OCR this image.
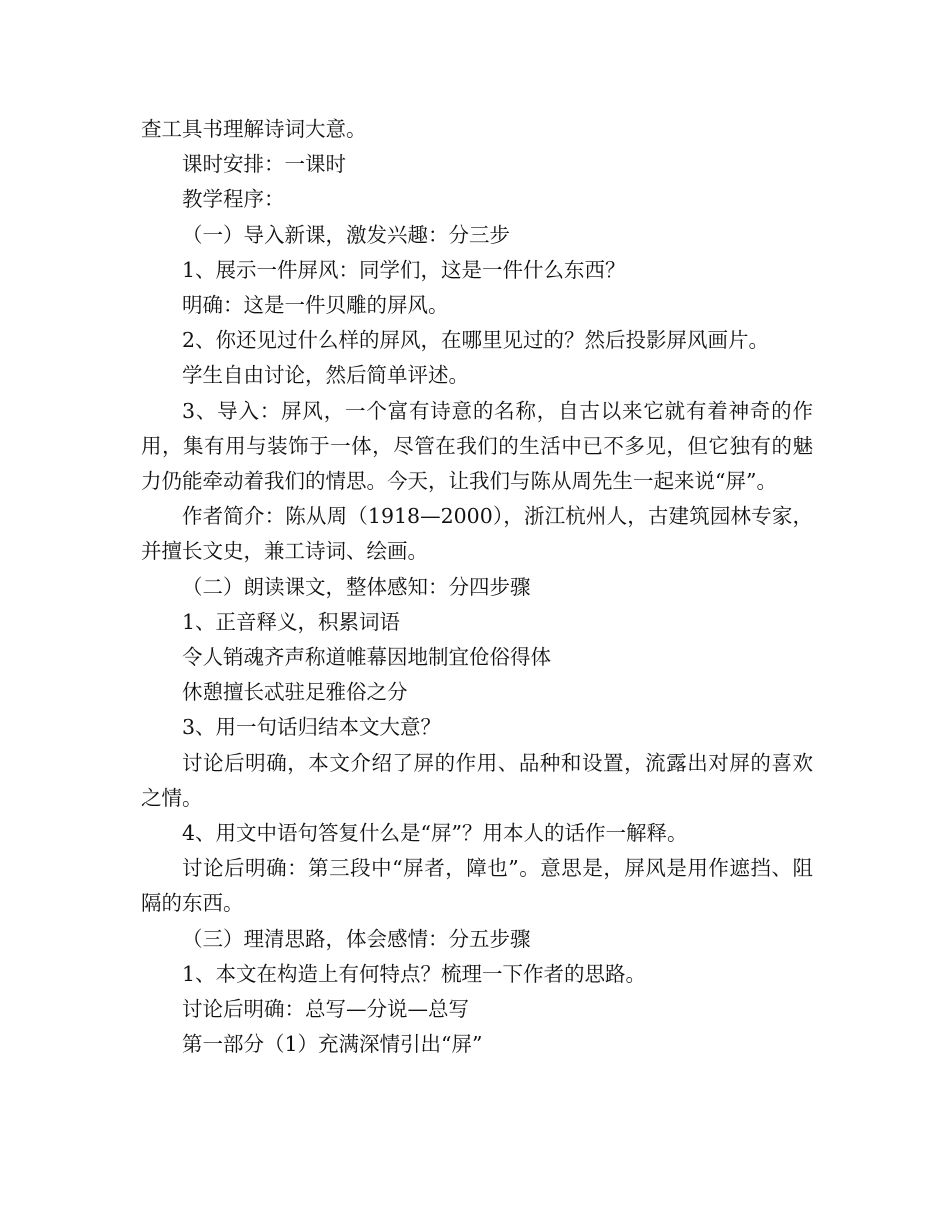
查工具书理解诗词大意。

课时安排：一课时

教学程序：

（一）导入新课，激发兴趣：分三步

1、展示一件屏风：同学们，这是一件什么东西？

明确：这是一件贝雕的屏风。

2、你还见过什么样的屏风，在哪里见过的？然后投影屏风画片。

学生自由讨论，然后简单评述。

3、导入：屏风，一个富有诗意的名称，自古以来它就有着神奇的作用，集有用与装饰于一体，尽管在我们的生活中已不多见，但它独有的魅力仍能牵动着我们的情思。今天，让我们与陈从周先生一起来说“屏”。

作者简介：陈从周（1918—2000），浙江杭州人，古建筑园林专家，并擅长文史，兼工诗词、绘画。

（二）朗读课文，整体感知：分四步骤

1、正音释义，积累词语

令人销魂齐声称道帷幕因地制宜伧俗得体

休憩擅长忒驻足雅俗之分

3、用一句话归结本文大意？

讨论后明确，本文介绍了屏的作用、品种和设置，流露出对屏的喜欢之情。

4、用文中语句答复什么是“屏”？用本人的话作一解释。

讨论后明确：第三段中“屏者，障也”。意思是，屏风是用作遮挡、阻隔的东西。

（三）理清思路，体会感情：分五步骤

1、本文在构造上有何特点？梳理一下作者的思路。

讨论后明确：总写—分说—总写

第一部分（1）充满深情引出“屏”
